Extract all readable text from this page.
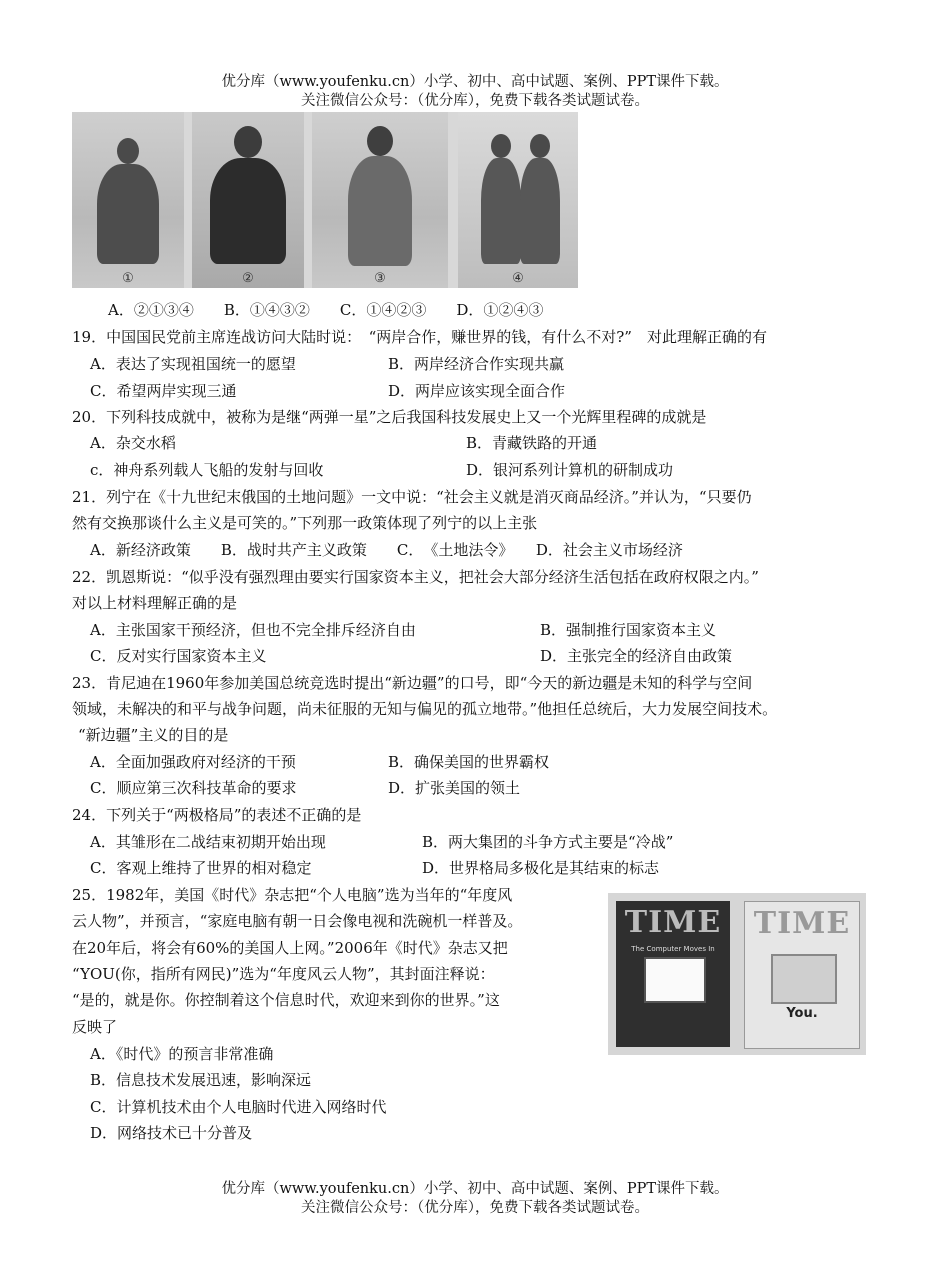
优分库（www.youfenku.cn）小学、初中、高中试题、案例、PPT课件下载。
关注微信公众号：（优分库），免费下载各类试题试卷。
①	②	③	④
A．②①③④　　B．①④③②　　C．①④②③　　D．①②④③
19．中国国民党前主席连战访问大陆时说：　“两岸合作，赚世界的钱，有什么不对?”　对此理解正确的有
A．表达了实现祖国统一的愿望	B．两岸经济合作实现共赢
C．希望两岸实现三通	D．两岸应该实现全面合作
20．下列科技成就中，被称为是继“两弹一星”之后我国科技发展史上又一个光辉里程碑的成就是
A．杂交水稻	B．青藏铁路的开通
c．神舟系列载人飞船的发射与回收	D．银河系列计算机的研制成功
21．列宁在《十九世纪末俄国的土地问题》一文中说：“社会主义就是消灭商品经济。”并认为，“只要仍
然有交换那谈什么主义是可笑的。”下列那一政策体现了列宁的以上主张
A．新经济政策　　B．战时共产主义政策　　C．　《土地法令》　　D．社会主义市场经济
22．凯恩斯说：“似乎没有强烈理由要实行国家资本主义，把社会大部分经济生活包括在政府权限之内。”
对以上材料理解正确的是
A．主张国家干预经济，但也不完全排斥经济自由	B．强制推行国家资本主义
C．反对实行国家资本主义	D．主张完全的经济自由政策
23．肯尼迪在1960年参加美国总统竞选时提出“新边疆”的口号，即“今天的新边疆是未知的科学与空间
领域，未解决的和平与战争问题，尚未征服的无知与偏见的孤立地带。”他担任总统后，大力发展空间技术。
“新边疆”主义的目的是
A．全面加强政府对经济的干预	B．确保美国的世界霸权
C．顺应第三次科技革命的要求	D．扩张美国的领土
24．下列关于“两极格局”的表述不正确的是
A．其雏形在二战结束初期开始出现	B．两大集团的斗争方式主要是“冷战”
C．客观上维持了世界的相对稳定	D．世界格局多极化是其结束的标志
25．1982年，美国《时代》杂志把“个人电脑”选为当年的“年度风
云人物”，并预言，“家庭电脑有朝一日会像电视和洗碗机一样普及。
在20年后，将会有60%的美国人上网。”2006年《时代》杂志又把
“YOU(你，指所有网民)”选为“年度风云人物”，其封面注释说：
“是的，就是你。你控制着这个信息时代，欢迎来到你的世界。”这
反映了
A．《时代》的预言非常准确
B．信息技术发展迅速，影响深远
C．计算机技术由个人电脑时代进入网络时代
D．网络技术已十分普及
TIME
The Computer Moves In
TIME
You.
优分库（www.youfenku.cn）小学、初中、高中试题、案例、PPT课件下载。
关注微信公众号：（优分库），免费下载各类试题试卷。
